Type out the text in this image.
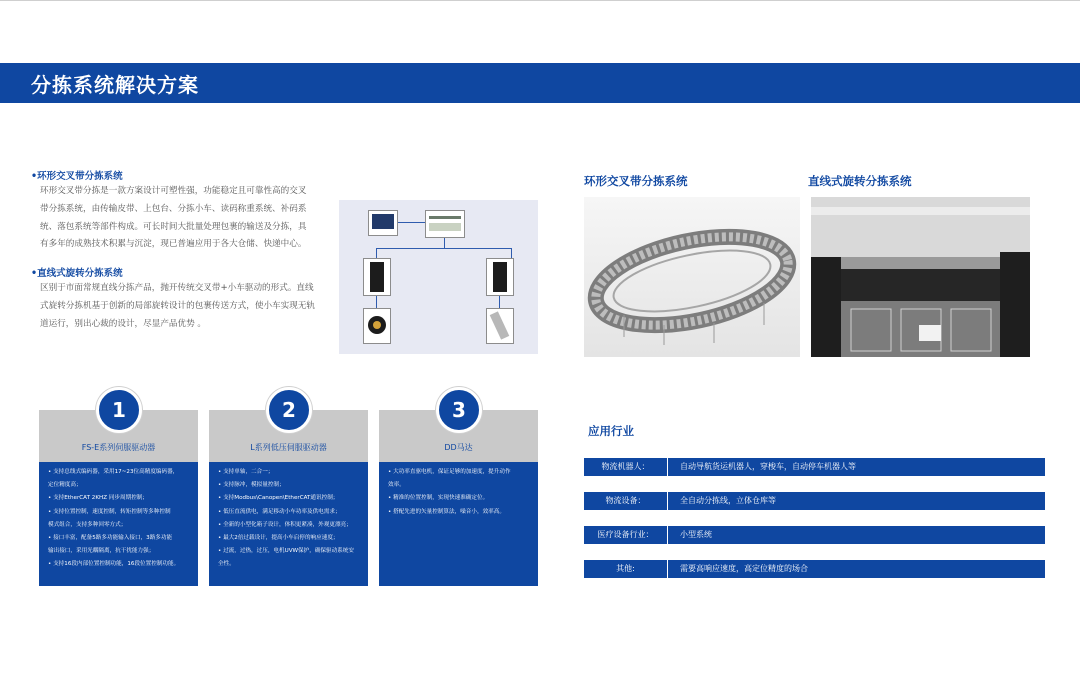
分拣系统解决方案
•环形交叉带分拣系统
环形交叉带分拣是一款方案设计可塑性强，功能稳定且可靠性高的交叉
带分拣系统，由传输皮带、上包台、分拣小车、读码称重系统、补码系
统、落包系统等部件构成。可长时间大批量处理包裹的输送及分拣，具
有多年的成熟技术积累与沉淀，现已普遍应用于各大仓储、快递中心。
•直线式旋转分拣系统
区别于市面常规直线分拣产品，抛开传统交叉带+小车驱动的形式。直线
式旋转分拣机基于创新的局部旋转设计的包裹传送方式，使小车实现无轨
道运行，别出心裁的设计，尽显产品优势 。
环形交叉带分拣系统	直线式旋转分拣系统
FS-E系列伺服驱动器
• 支持总线式编码器，采用17~23位高精度编码器，
定位精度高；
• 支持EtherCAT 2KHZ 同步周期控制；
• 支持位置控制，速度控制，转矩控制等多种控制
模式组合，支持多种回零方式；
• 接口丰富，配备5路多功能输入接口，3路多功能
输出接口，采用光耦隔离，抗干扰能力强；
• 支持16段内部位置控制功能，16段位置控制功能。
1
L系列低压伺服驱动器
• 支持单轴，二合一；
• 支持脉冲，模拟量控制；
• 支持Modbus\Canopen\EtherCAT通讯控制；
• 低压直流供电，满足移动小车功率及供电需求；
• 全新的小型化箱子设计，体积更紧凑，外观更漂亮；
• 最大2倍过载设计，提高小车启停的响应速度；
• 过流，过热，过压，电机UVW保护，确保驱动系统安
全性。
2
DD马达
• 大功率直驱电机，保证足够的加速度，提升动作
效率。
• 精准的位置控制，实现快速准确定位。
• 搭配先进的矢量控制算法，噪音小，效率高。
3
应用行业
物流机器人：	自动导航货运机器人，穿梭车，自动停车机器人等
物流设备：	全自动分拣线，立体仓库等
医疗设备行业：	小型系统
其他:	需要高响应速度，高定位精度的场合
